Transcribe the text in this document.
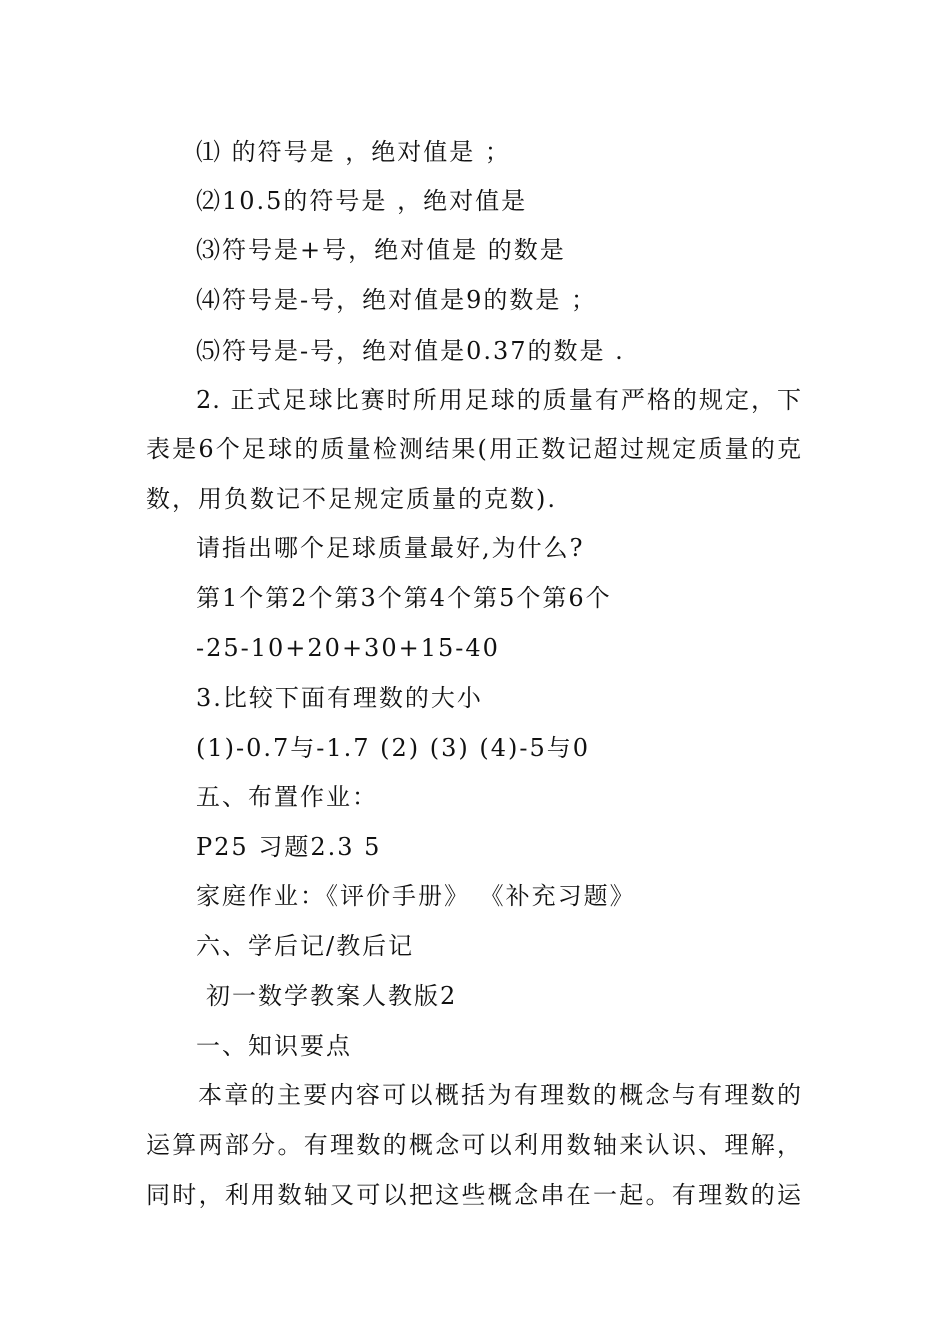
⑴ 的符号是 ，绝对值是 ；
⑵10.5的符号是 ，绝对值是
⑶符号是+号，绝对值是 的数是
⑷符号是-号，绝对值是9的数是 ；
⑸符号是-号，绝对值是0.37的数是 .
2. 正式足球比赛时所用足球的质量有严格的规定，下
表是6个足球的质量检测结果(用正数记超过规定质量的克
数，用负数记不足规定质量的克数).
请指出哪个足球质量最好,为什么?
第1个第2个第3个第4个第5个第6个
-25-10+20+30+15-40
3.比较下面有理数的大小
(1)-0.7与-1.7 (2) (3) (4)-5与0
五、布置作业：
P25 习题2.3 5
家庭作业：《评价手册》 《补充习题》
六、学后记/教后记
初一数学教案人教版2
一、知识要点
本章的主要内容可以概括为有理数的概念与有理数的
运算两部分。有理数的概念可以利用数轴来认识、理解，
同时，利用数轴又可以把这些概念串在一起。有理数的运
